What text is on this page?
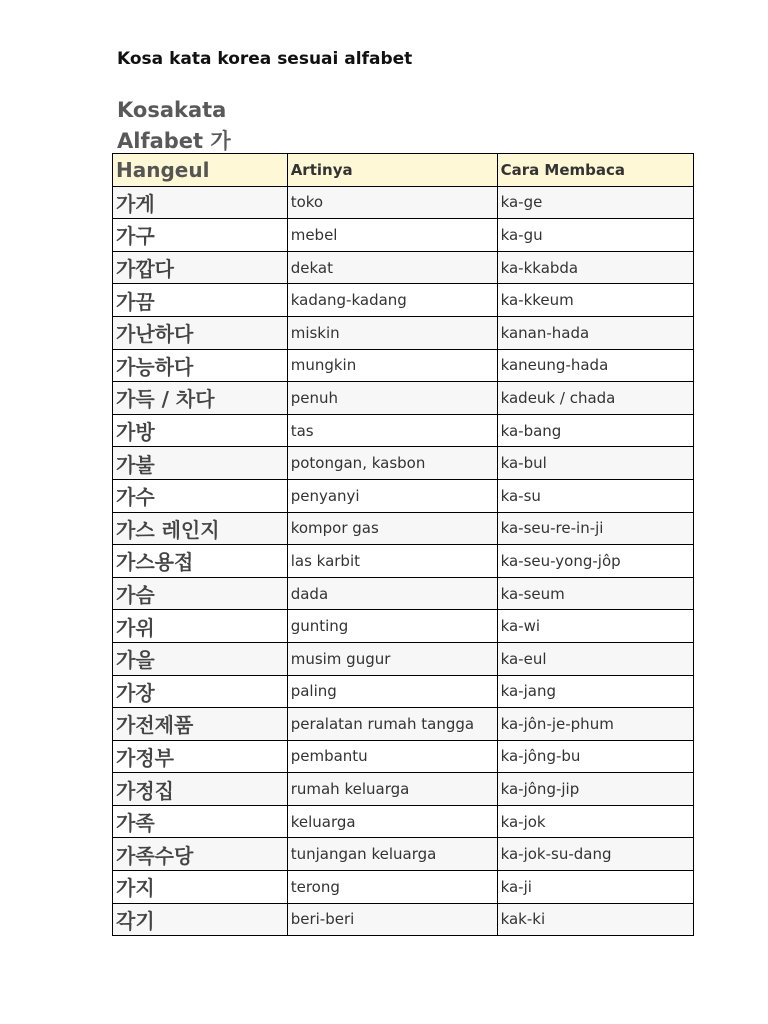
Kosa kata korea sesuai alfabet
Kosakata
Alfabet 가
Hangeul	Artinya	Cara Membaca
가게	toko	ka-ge
가구	mebel	ka-gu
가깝다	dekat	ka-kkabda
가끔	kadang-kadang	ka-kkeum
가난하다	miskin	kanan-hada
가능하다	mungkin	kaneung-hada
가득 / 차다	penuh	kadeuk / chada
가방	tas	ka-bang
가불	potongan, kasbon	ka-bul
가수	penyanyi	ka-su
가스 레인지	kompor gas	ka-seu-re-in-ji
가스용접	las karbit	ka-seu-yong-jôp
가슴	dada	ka-seum
가위	gunting	ka-wi
가을	musim gugur	ka-eul
가장	paling	ka-jang
가전제품	peralatan rumah tangga	ka-jôn-je-phum
가정부	pembantu	ka-jông-bu
가정집	rumah keluarga	ka-jông-jip
가족	keluarga	ka-jok
가족수당	tunjangan keluarga	ka-jok-su-dang
가지	terong	ka-ji
각기	beri-beri	kak-ki
